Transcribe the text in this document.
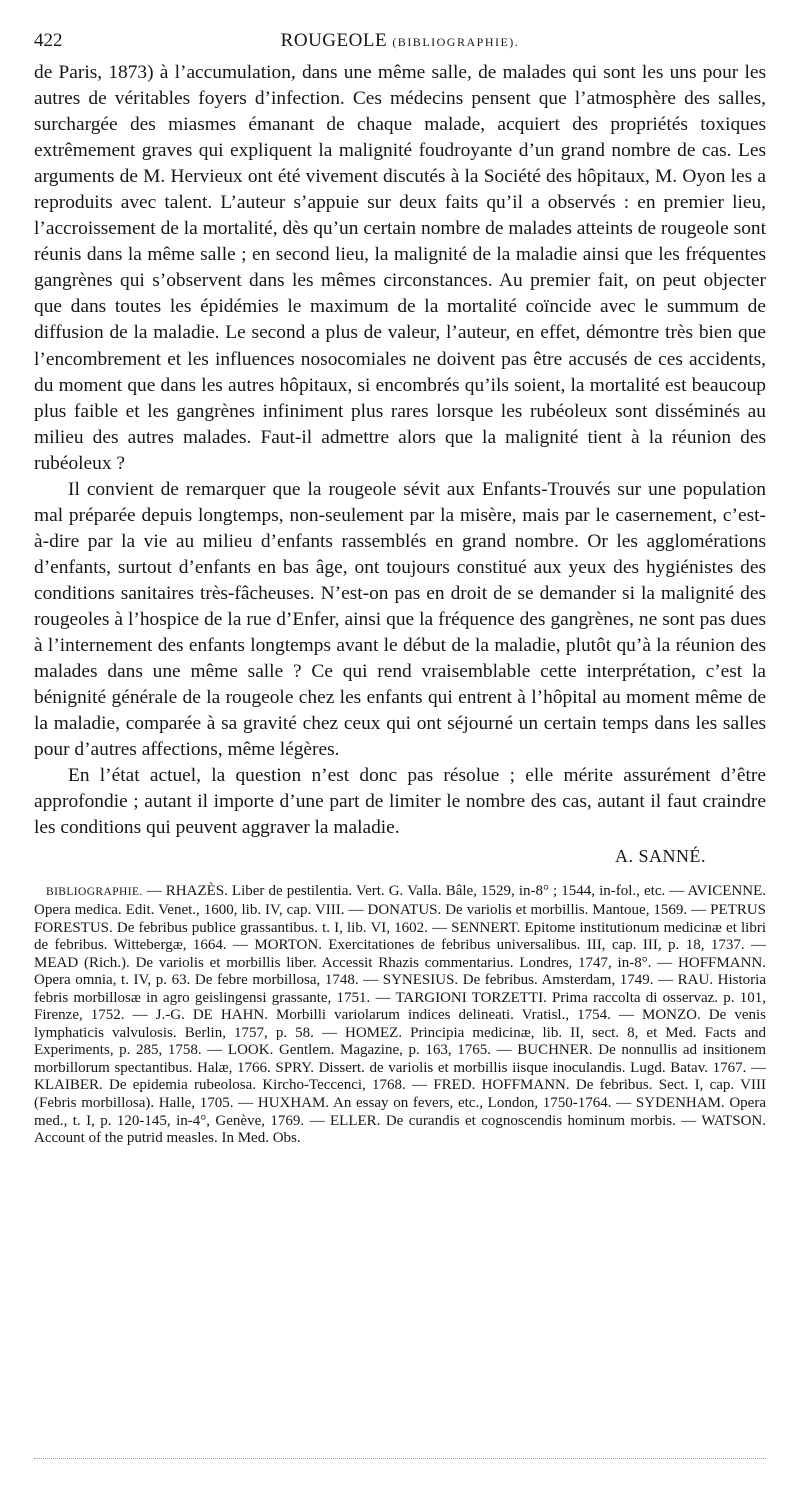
422	ROUGEOLE (BIBLIOGRAPHIE).

de Paris, 1873) à l’accumulation, dans une même salle, de malades qui sont les uns pour les autres de véritables foyers d’infection. Ces médecins pensent que l’atmosphère des salles, surchargée des miasmes émanant de chaque malade, acquiert des propriétés toxiques extrêmement graves qui expliquent la malignité foudroyante d’un grand nombre de cas. Les arguments de M. Hervieux ont été vivement discutés à la Société des hôpitaux, M. Oyon les a reproduits avec talent. L’auteur s’appuie sur deux faits qu’il a observés : en premier lieu, l’accroissement de la mortalité, dès qu’un certain nombre de malades atteints de rougeole sont réunis dans la même salle ; en second lieu, la malignité de la maladie ainsi que les fréquentes gangrènes qui s’observent dans les mêmes circonstances. Au premier fait, on peut objecter que dans toutes les épidémies le maximum de la mortalité coïncide avec le summum de diffusion de la maladie. Le second a plus de valeur, l’auteur, en effet, démontre très bien que l’encombrement et les influences nosocomiales ne doivent pas être accusés de ces accidents, du moment que dans les autres hôpitaux, si encombrés qu’ils soient, la mortalité est beaucoup plus faible et les gangrènes infiniment plus rares lorsque les rubéoleux sont disséminés au milieu des autres malades. Faut-il admettre alors que la malignité tient à la réunion des rubéoleux ?

Il convient de remarquer que la rougeole sévit aux Enfants-Trouvés sur une population mal préparée depuis longtemps, non-seulement par la misère, mais par le casernement, c’est-à-dire par la vie au milieu d’enfants rassemblés en grand nombre. Or les agglomérations d’enfants, surtout d’enfants en bas âge, ont toujours constitué aux yeux des hygiénistes des conditions sanitaires très-fâcheuses. N’est-on pas en droit de se demander si la malignité des rougeoles à l’hospice de la rue d’Enfer, ainsi que la fréquence des gangrènes, ne sont pas dues à l’internement des enfants longtemps avant le début de la maladie, plutôt qu’à la réunion des malades dans une même salle ? Ce qui rend vraisemblable cette interprétation, c’est la bénignité générale de la rougeole chez les enfants qui entrent à l’hôpital au moment même de la maladie, comparée à sa gravité chez ceux qui ont séjourné un certain temps dans les salles pour d’autres affections, même légères.

En l’état actuel, la question n’est donc pas résolue ; elle mérite assurément d’être approfondie ; autant il importe d’une part de limiter le nombre des cas, autant il faut craindre les conditions qui peuvent aggraver la maladie.

A. SANNÉ.
BIBLIOGRAPHIE. — RHAZÈS. Liber de pestilentia. Vert. G. Valla. Bâle, 1529, in-8° ; 1544, in-fol., etc. — AVICENNE. Opera medica. Edit. Venet., 1600, lib. IV, cap. VIII. — DONATUS. De variolis et morbillis. Mantoue, 1569. — PETRUS FORESTUS. De febribus publice grassantibus. t. I, lib. VI, 1602. — SENNERT. Epitome institutionum medicinæ et libri de febribus. Wittebergæ, 1664. — MORTON. Exercitationes de febribus universalibus. III, cap. III, p. 18, 1737. — MEAD (Rich.). De variolis et morbillis liber. Accessit Rhazis commentarius. Londres, 1747, in-8°. — HOFFMANN. Opera omnia, t. IV, p. 63. De febre morbillosa, 1748. — SYNESIUS. De febribus. Amsterdam, 1749. — RAU. Historia febris morbillosæ in agro geislingensi grassante, 1751. — TARGIONI TORZETTI. Prima raccolta di osservaz. p. 101, Firenze, 1752. — J.-G. DE HAHN. Morbilli variolarum indices delineati. Vratisl., 1754. — MONZO. De venis lymphaticis valvulosis. Berlin, 1757, p. 58. — HOMEZ. Principia medicinæ, lib. II, sect. 8, et Med. Facts and Experiments, p. 285, 1758. — LOOK. Gentlem. Magazine, p. 163, 1765. — BUCHNER. De nonnullis ad insitionem morbillorum spectantibus. Halæ, 1766. SPRY. Dissert. de variolis et morbillis iisque inoculandis. Lugd. Batav. 1767. — KLAIBER. De epidemia rubeolosa. Kircho-Teccenci, 1768. — FRED. HOFFMANN. De febribus. Sect. I, cap. VIII (Febris morbillosa). Halle, 1705. — HUXHAM. An essay on fevers, etc., London, 1750-1764. — SYDENHAM. Opera med., t. I, p. 120-145, in-4°, Genève, 1769. — ELLER. De curandis et cognoscendis hominum morbis. — WATSON. Account of the putrid measles. In Med. Obs.
